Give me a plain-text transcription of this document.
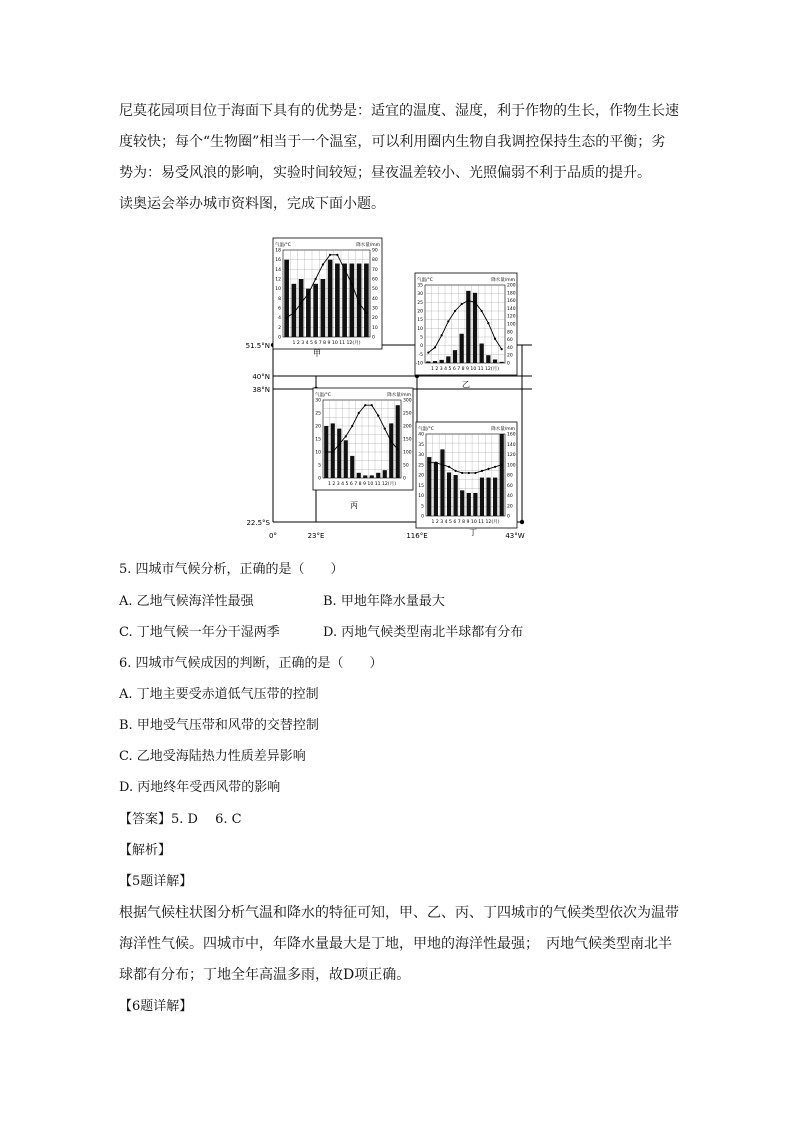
尼莫花园项目位于海面下具有的优势是：适宜的温度、湿度，利于作物的生长，作物生长速
度较快；每个“生物圈”相当于一个温室，可以利用圈内生物自我调控保持生态的平衡；劣
势为：易受风浪的影响，实验时间较短；昼夜温差较小、光照偏弱不利于品质的提升。
读奥运会举办城市资料图，完成下面小题。
51.5°N
40°N
38°N
22.5°S
0°	23°E	116°E	43°W
甲
乙
丙
丁
气温/°C	降水量/mm
18
16
14
12
10
8
6
4
2
0
90
80
70
60
50
40
30
20
10
0
1 2 3 4 5 6 7 8 9 10 11 12(月)
气温/°C	降水量/mm
35
30
25
20
15
10
5
0
-5
-10
200
180
160
140
120
100
80
60
40
20
0
1 2 3 4 5 6 7 8 9 10 11 12(月)
气温/°C	降水量/mm
30
25
20
15
10
5
0
300
250
200
150
100
50
0
1 2 3 4 5 6 7 8 9 10 11 12(月)
气温/°C	降水量/mm
40
35
30
25
20
15
10
5
0
160
140
120
100
80
60
40
20
0
1 2 3 4 5 6 7 8 9 10 11 12(月)
5. 四城市气候分析，正确的是（　　）
A. 乙地气候海洋性最强	B. 甲地年降水量最大
C. 丁地气候一年分干湿两季	D. 丙地气候类型南北半球都有分布
6. 四城市气候成因的判断，正确的是（　　）
A. 丁地主要受赤道低气压带的控制
B. 甲地受气压带和风带的交替控制
C. 乙地受海陆热力性质差异影响
D. 丙地终年受西风带的影响
【答案】5. D　 6. C
【解析】
【5题详解】
根据气候柱状图分析气温和降水的特征可知，甲、乙、丙、丁四城市的气候类型依次为温带
海洋性气候。四城市中，年降水量最大是丁地，甲地的海洋性最强；　丙地气候类型南北半
球都有分布；丁地全年高温多雨，故D项正确。
【6题详解】
